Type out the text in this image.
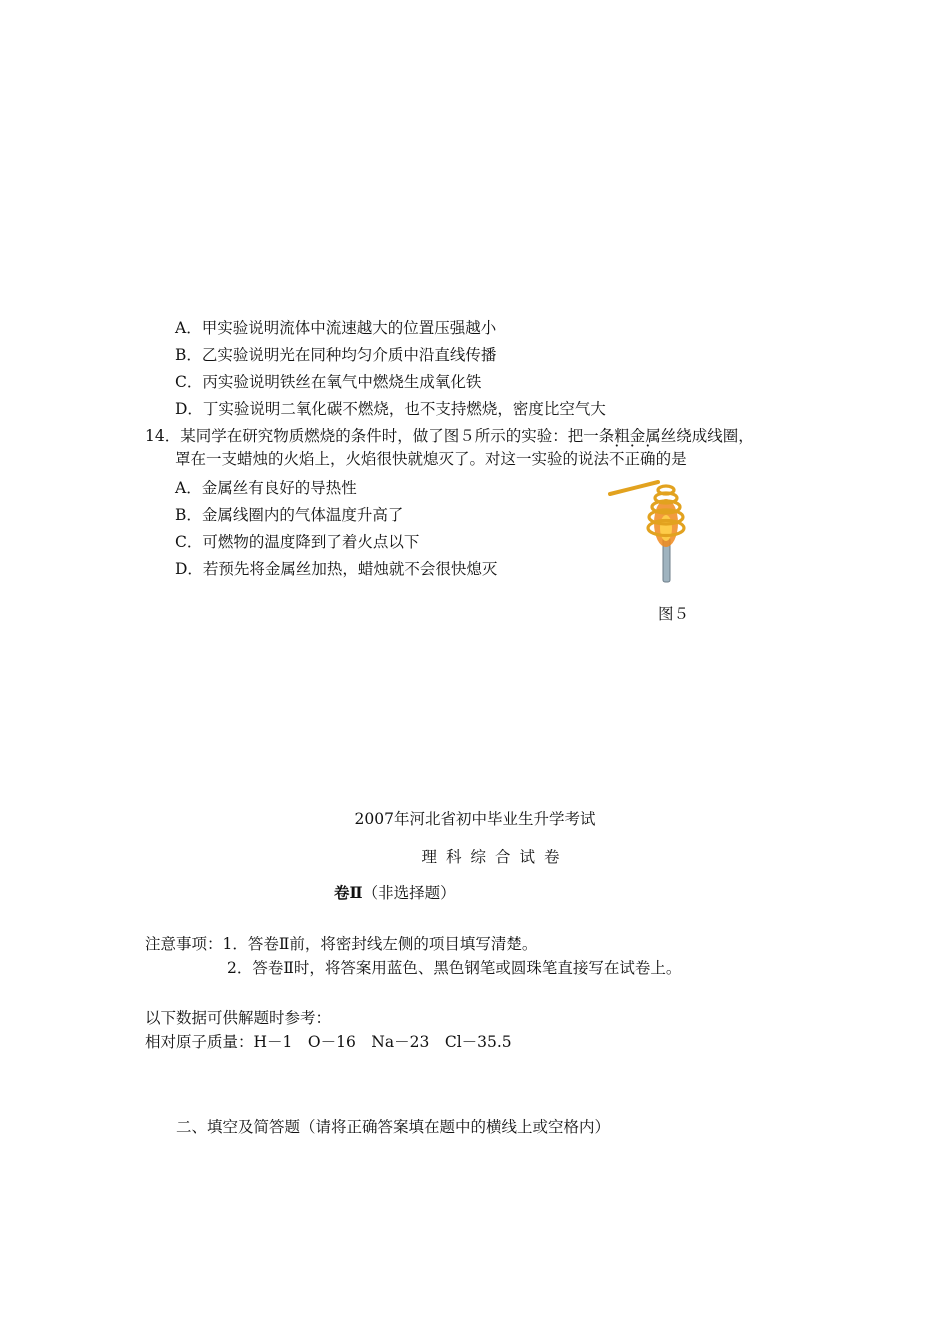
A．甲实验说明流体中流速越大的位置压强越小
B．乙实验说明光在同种均匀介质中沿直线传播
C．丙实验说明铁丝在氧气中燃烧生成氧化铁
D．丁实验说明二氧化碳不燃烧，也不支持燃烧，密度比空气大
14．某同学在研究物质燃烧的条件时，做了图５所示的实验：把一条粗金属丝绕成线圈，
罩在一支蜡烛的火焰上，火焰很快就熄灭了。对这一实验的说法不正确的是
A．金属丝有良好的导热性
B．金属线圈内的气体温度升高了
C．可燃物的温度降到了着火点以下
D．若预先将金属丝加热，蜡烛就不会很快熄灭
图５
2007年河北省初中毕业生升学考试
理科综合试卷
卷Ⅱ（非选择题）
注意事项：1．答卷Ⅱ前，将密封线左侧的项目填写清楚。
2．答卷Ⅱ时，将答案用蓝色、黑色钢笔或圆珠笔直接写在试卷上。
以下数据可供解题时参考：
相对原子质量：H－1　O－16　Na－23　Cl－35.5
二、填空及简答题（请将正确答案填在题中的横线上或空格内）
